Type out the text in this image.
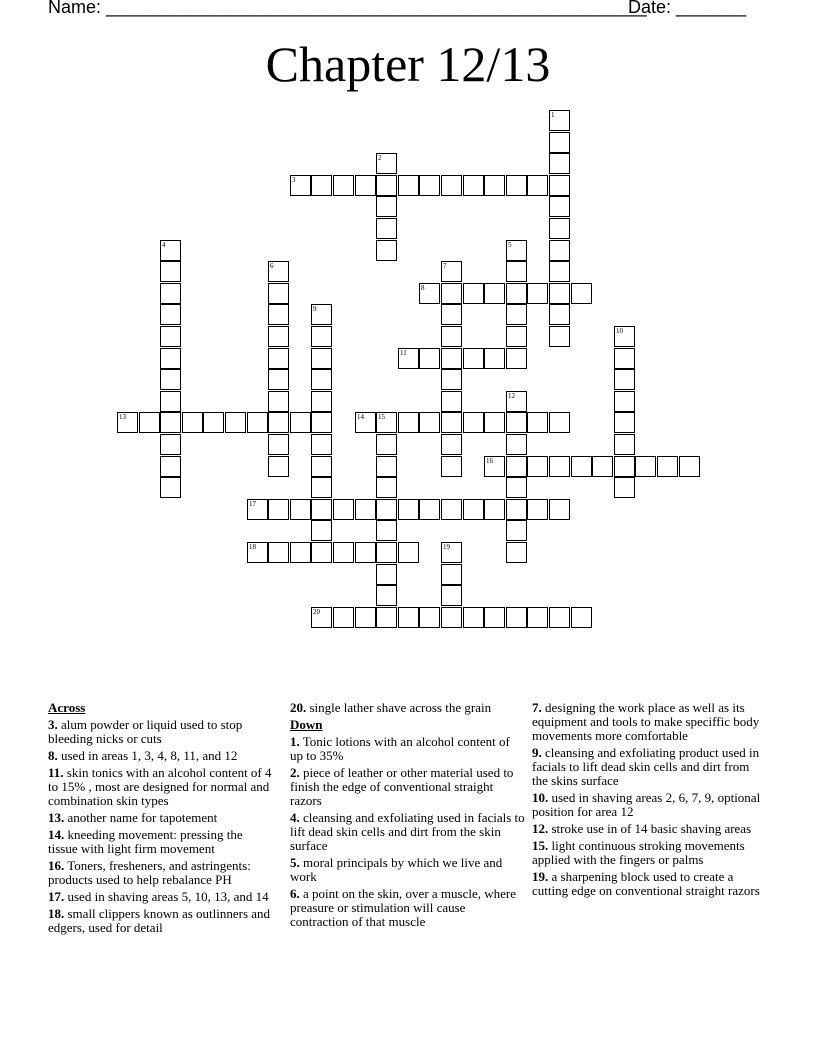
Name: ______________________________________________________
Date: _______
Chapter 12/13
1
2
3
4	5
6	7
8
9
10
11
12
13	14 15
16
17
18	19
20
Across
3. alum powder or liquid used to stop bleeding nicks or cuts
8. used in areas 1, 3, 4, 8, 11, and 12
11. skin tonics with an alcohol content of 4 to 15% , most are designed for normal and combination skin types
13. another name for tapotement
14. kneeding movement: pressing the tissue with light firm movement
16. Toners, fresheners, and astringents: products used to help rebalance PH
17. used in shaving areas 5, 10, 13, and 14
18. small clippers known as outlinners and edgers, used for detail
20. single lather shave across the grain
Down
1. Tonic lotions with an alcohol content of up to 35%
2. piece of leather or other material used to finish the edge of conventional straight razors
4. cleansing and exfoliating used in facials to lift dead skin cells and dirt from the skin surface
5. moral principals by which we live and work
6. a point on the skin, over a muscle, where preasure or stimulation will cause contraction of that muscle
7. designing the work place as well as its equipment and tools to make speciffic body movements more comfortable
9. cleansing and exfoliating product used in facials to lift dead skin cells and dirt from the skins surface
10. used in shaving areas 2, 6, 7, 9, optional position for area 12
12. stroke use in of 14 basic shaving areas
15. light continuous stroking movements applied with the fingers or palms
19. a sharpening block used to create a cutting edge on conventional straight razors
